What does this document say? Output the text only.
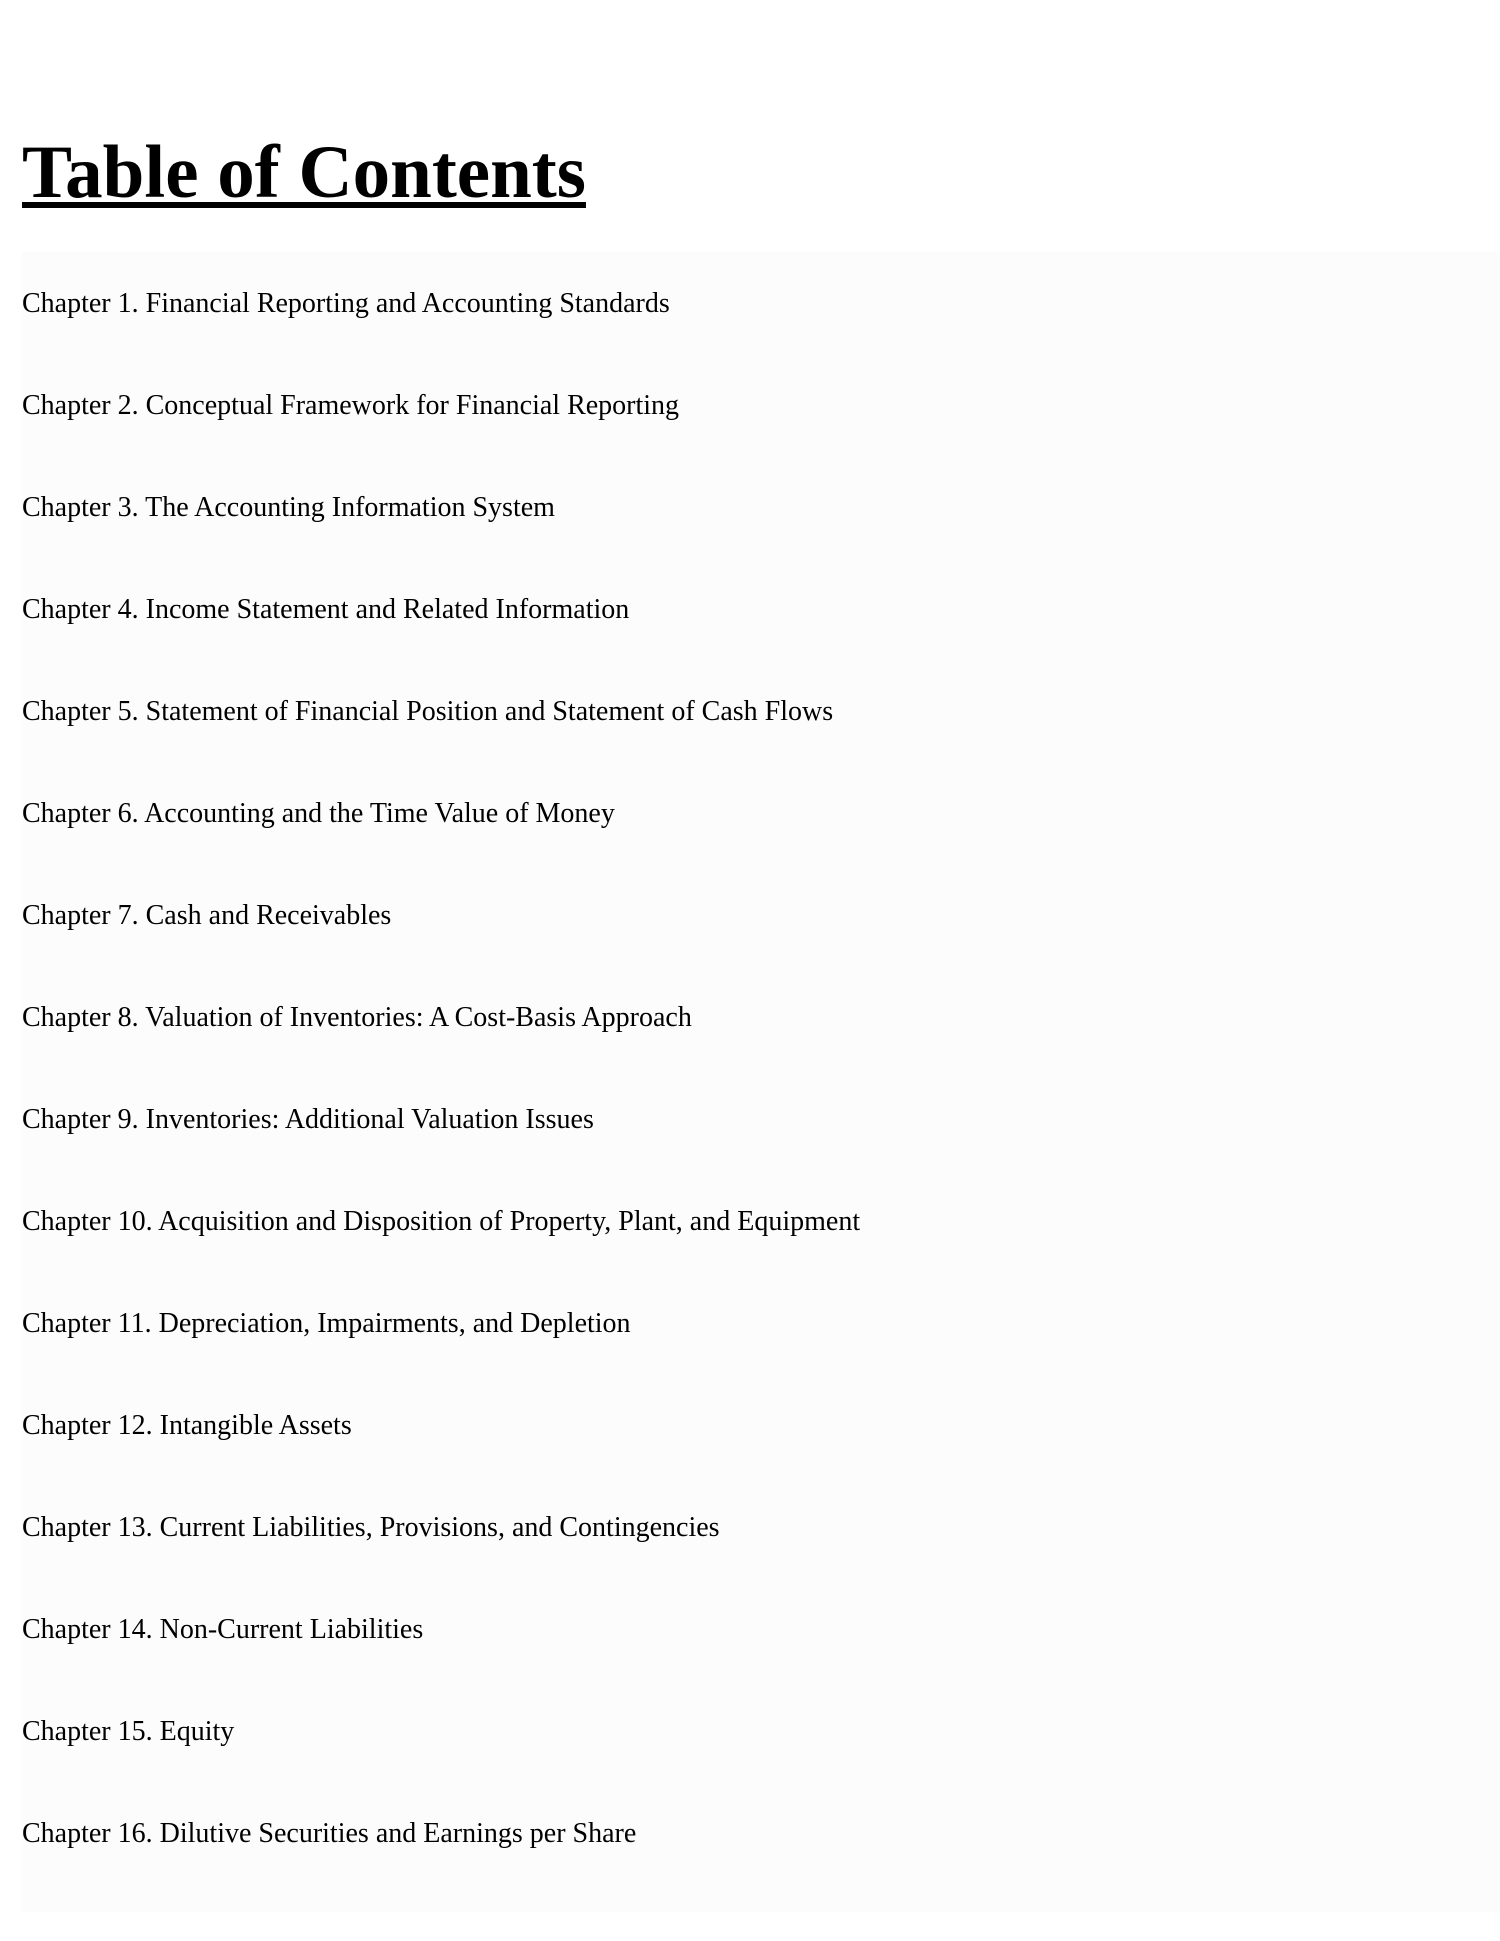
Table of Contents
Chapter 1. Financial Reporting and Accounting Standards
Chapter 2. Conceptual Framework for Financial Reporting
Chapter 3. The Accounting Information System
Chapter 4. Income Statement and Related Information
Chapter 5. Statement of Financial Position and Statement of Cash Flows
Chapter 6. Accounting and the Time Value of Money
Chapter 7. Cash and Receivables
Chapter 8. Valuation of Inventories: A Cost-Basis Approach
Chapter 9. Inventories: Additional Valuation Issues
Chapter 10. Acquisition and Disposition of Property, Plant, and Equipment
Chapter 11. Depreciation, Impairments, and Depletion
Chapter 12. Intangible Assets
Chapter 13. Current Liabilities, Provisions, and Contingencies
Chapter 14. Non-Current Liabilities
Chapter 15. Equity
Chapter 16. Dilutive Securities and Earnings per Share
